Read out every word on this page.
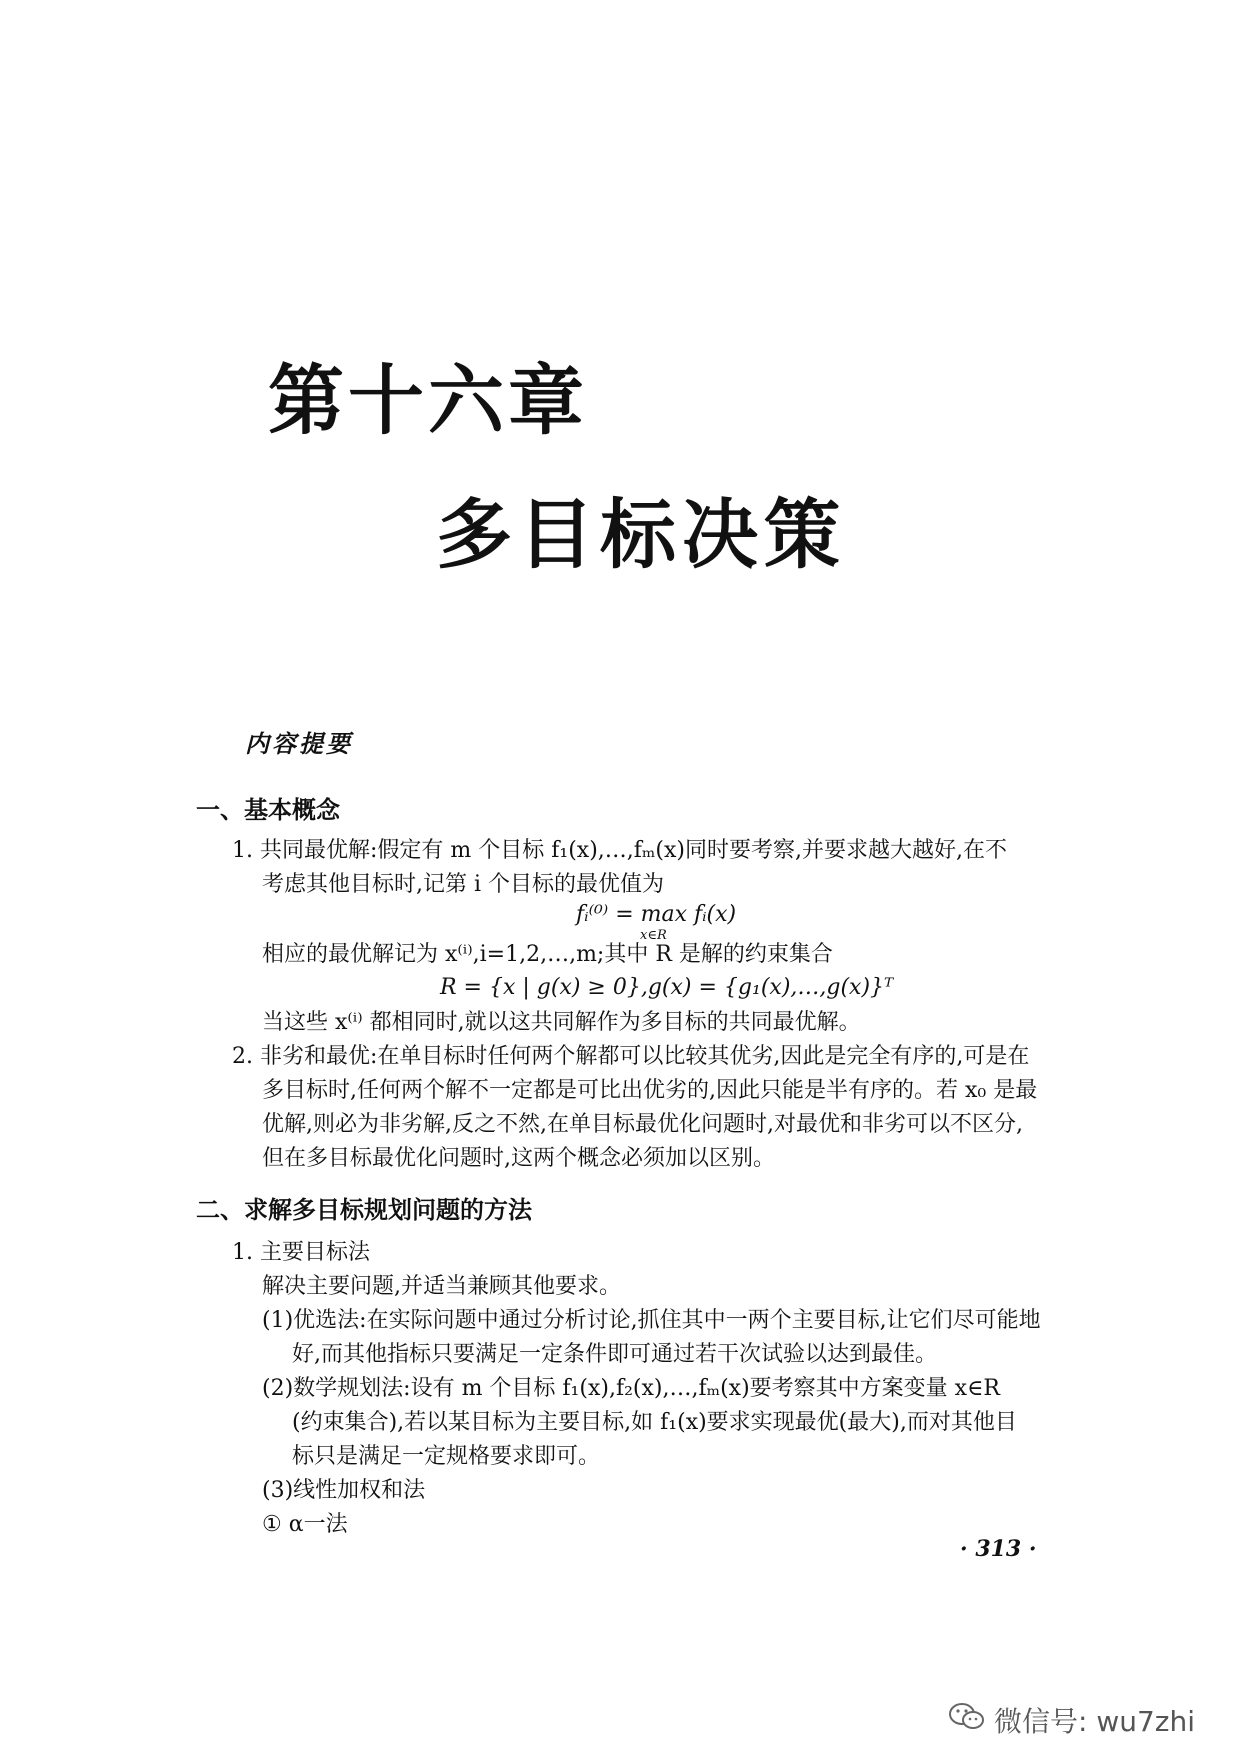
第十六章
多目标决策
内容提要
一、基本概念
1. 共同最优解:假定有 m 个目标 f₁(x),…,fₘ(x)同时要考察,并要求越大越好,在不
考虑其他目标时,记第 i 个目标的最优值为
fᵢ⁽⁰⁾ = max fᵢ(x)
x∈R
相应的最优解记为 x⁽ⁱ⁾,i=1,2,…,m;其中 R 是解的约束集合
R = {x | g(x) ≥ 0},g(x) = {g₁(x),…,g(x)}ᵀ
当这些 x⁽ⁱ⁾ 都相同时,就以这共同解作为多目标的共同最优解。
2. 非劣和最优:在单目标时任何两个解都可以比较其优劣,因此是完全有序的,可是在
多目标时,任何两个解不一定都是可比出优劣的,因此只能是半有序的。若 x₀ 是最
优解,则必为非劣解,反之不然,在单目标最优化问题时,对最优和非劣可以不区分,
但在多目标最优化问题时,这两个概念必须加以区别。
二、求解多目标规划问题的方法
1. 主要目标法
解决主要问题,并适当兼顾其他要求。
(1)优选法:在实际问题中通过分析讨论,抓住其中一两个主要目标,让它们尽可能地
好,而其他指标只要满足一定条件即可通过若干次试验以达到最佳。
(2)数学规划法:设有 m 个目标 f₁(x),f₂(x),…,fₘ(x)要考察其中方案变量 x∈R
(约束集合),若以某目标为主要目标,如 f₁(x)要求实现最优(最大),而对其他目
标只是满足一定规格要求即可。
(3)线性加权和法
① α一法
· 313 ·
微信号: wu7zhi
